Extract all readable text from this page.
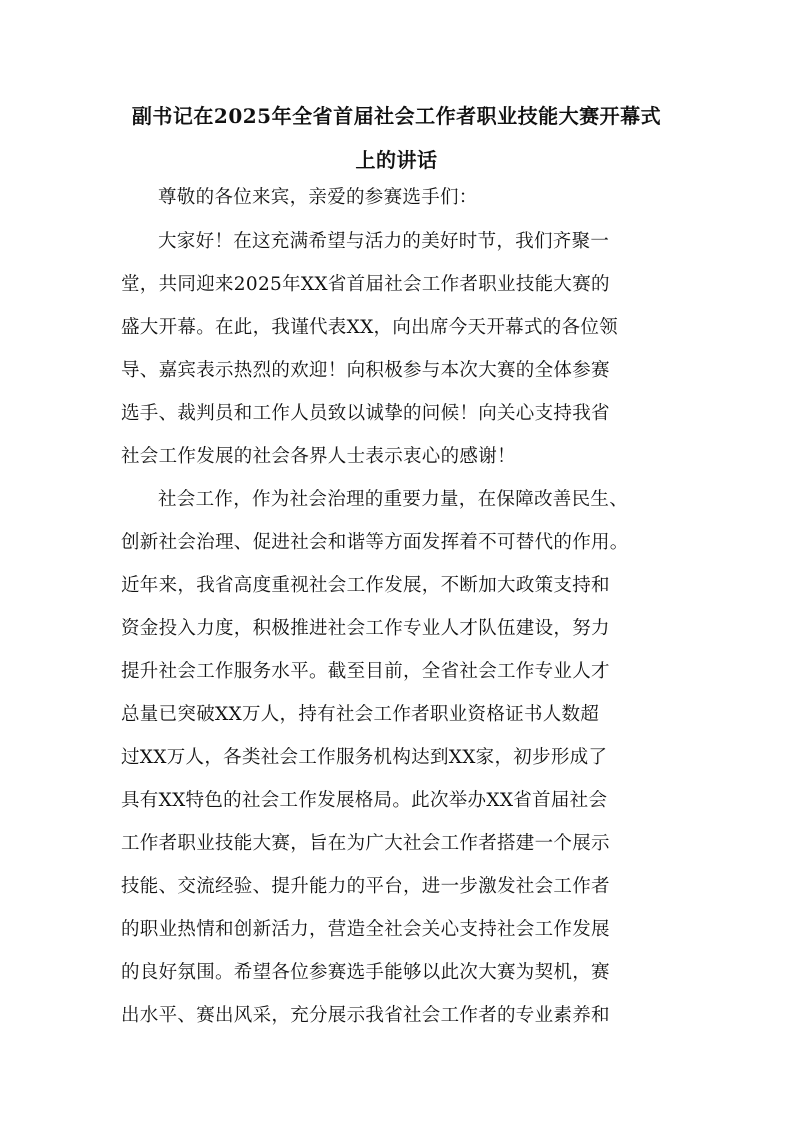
副书记在2025年全省首届社会工作者职业技能大赛开幕式
上的讲话
尊敬的各位来宾，亲爱的参赛选手们：
大家好！在这充满希望与活力的美好时节，我们齐聚一
堂，共同迎来2025年XX省首届社会工作者职业技能大赛的
盛大开幕。在此，我谨代表XX，向出席今天开幕式的各位领
导、嘉宾表示热烈的欢迎！向积极参与本次大赛的全体参赛
选手、裁判员和工作人员致以诚挚的问候！向关心支持我省
社会工作发展的社会各界人士表示衷心的感谢！
社会工作，作为社会治理的重要力量，在保障改善民生、
创新社会治理、促进社会和谐等方面发挥着不可替代的作用。
近年来，我省高度重视社会工作发展，不断加大政策支持和
资金投入力度，积极推进社会工作专业人才队伍建设，努力
提升社会工作服务水平。截至目前，全省社会工作专业人才
总量已突破XX万人，持有社会工作者职业资格证书人数超
过XX万人，各类社会工作服务机构达到XX家，初步形成了
具有XX特色的社会工作发展格局。此次举办XX省首届社会
工作者职业技能大赛，旨在为广大社会工作者搭建一个展示
技能、交流经验、提升能力的平台，进一步激发社会工作者
的职业热情和创新活力，营造全社会关心支持社会工作发展
的良好氛围。希望各位参赛选手能够以此次大赛为契机，赛
出水平、赛出风采，充分展示我省社会工作者的专业素养和
